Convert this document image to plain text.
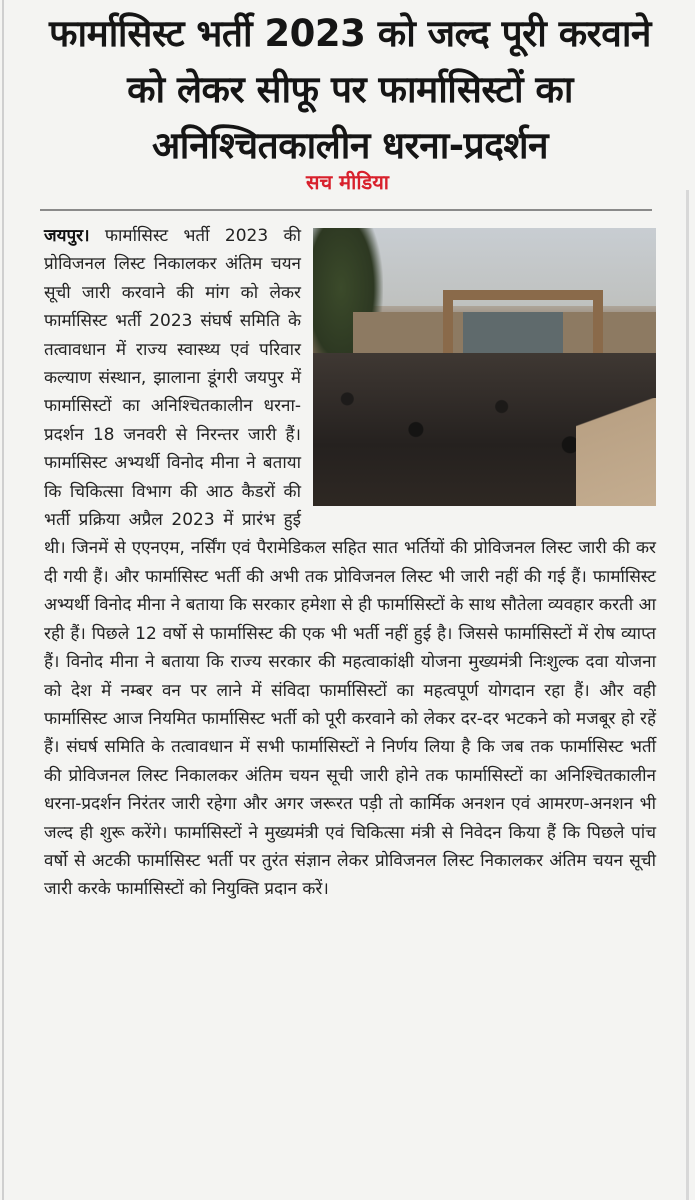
फार्मासिस्ट भर्ती 2023 को जल्द पूरी करवाने को लेकर सीफू पर फार्मासिस्टों का अनिश्चितकालीन धरना-प्रदर्शन
सच मीडिया

जयपुर। फार्मासिस्ट भर्ती 2023 की प्रोविजनल लिस्ट निकालकर अंतिम चयन सूची जारी करवाने की मांग को लेकर फार्मासिस्ट भर्ती 2023 संघर्ष समिति के तत्वावधान में राज्य स्वास्थ्य एवं परिवार कल्याण संस्थान, झालाना डूंगरी जयपुर में फार्मासिस्टों का अनिश्चितकालीन धरना-प्रदर्शन 18 जनवरी से निरन्तर जारी हैं। फार्मासिस्ट अभ्यर्थी विनोद मीना ने बताया कि चिकित्सा विभाग की आठ कैडरों की भर्ती प्रक्रिया अप्रैल 2023 में प्रारंभ हुई थी। जिनमें से एएनएम, नर्सिंग एवं पैरामेडिकल सहित सात भर्तियों की प्रोविजनल लिस्ट जारी की कर दी गयी हैं। और फार्मासिस्ट भर्ती की अभी तक प्रोविजनल लिस्ट भी जारी नहीं की गई हैं। फार्मासिस्ट अभ्यर्थी विनोद मीना ने बताया कि सरकार हमेशा से ही फार्मासिस्टों के साथ सौतेला व्यवहार करती आ रही हैं। पिछले 12 वर्षो से फार्मासिस्ट की एक भी भर्ती नहीं हुई है। जिससे फार्मासिस्टों में रोष व्याप्त हैं। विनोद मीना ने बताया कि राज्य सरकार की महत्वाकांक्षी योजना मुख्यमंत्री निःशुल्क दवा योजना को देश में नम्बर वन पर लाने में संविदा फार्मासिस्टों का महत्वपूर्ण योगदान रहा हैं। और वही फार्मासिस्ट आज नियमित फार्मासिस्ट भर्ती को पूरी करवाने को लेकर दर-दर भटकने को मजबूर हो रहें हैं। संघर्ष समिति के तत्वावधान में सभी फार्मासिस्टों ने निर्णय लिया है कि जब तक फार्मासिस्ट भर्ती की प्रोविजनल लिस्ट निकालकर अंतिम चयन सूची जारी होने तक फार्मासिस्टों का अनिश्चितकालीन धरना-प्रदर्शन निरंतर जारी रहेगा और अगर जरूरत पड़ी तो कार्मिक अनशन एवं आमरण-अनशन भी जल्द ही शुरू करेंगे। फार्मासिस्टों ने मुख्यमंत्री एवं चिकित्सा मंत्री से निवेदन किया हैं कि पिछले पांच वर्षो से अटकी फार्मासिस्ट भर्ती पर तुरंत संज्ञान लेकर प्रोविजनल लिस्ट निकालकर अंतिम चयन सूची जारी करके फार्मासिस्टों को नियुक्ति प्रदान करें।
